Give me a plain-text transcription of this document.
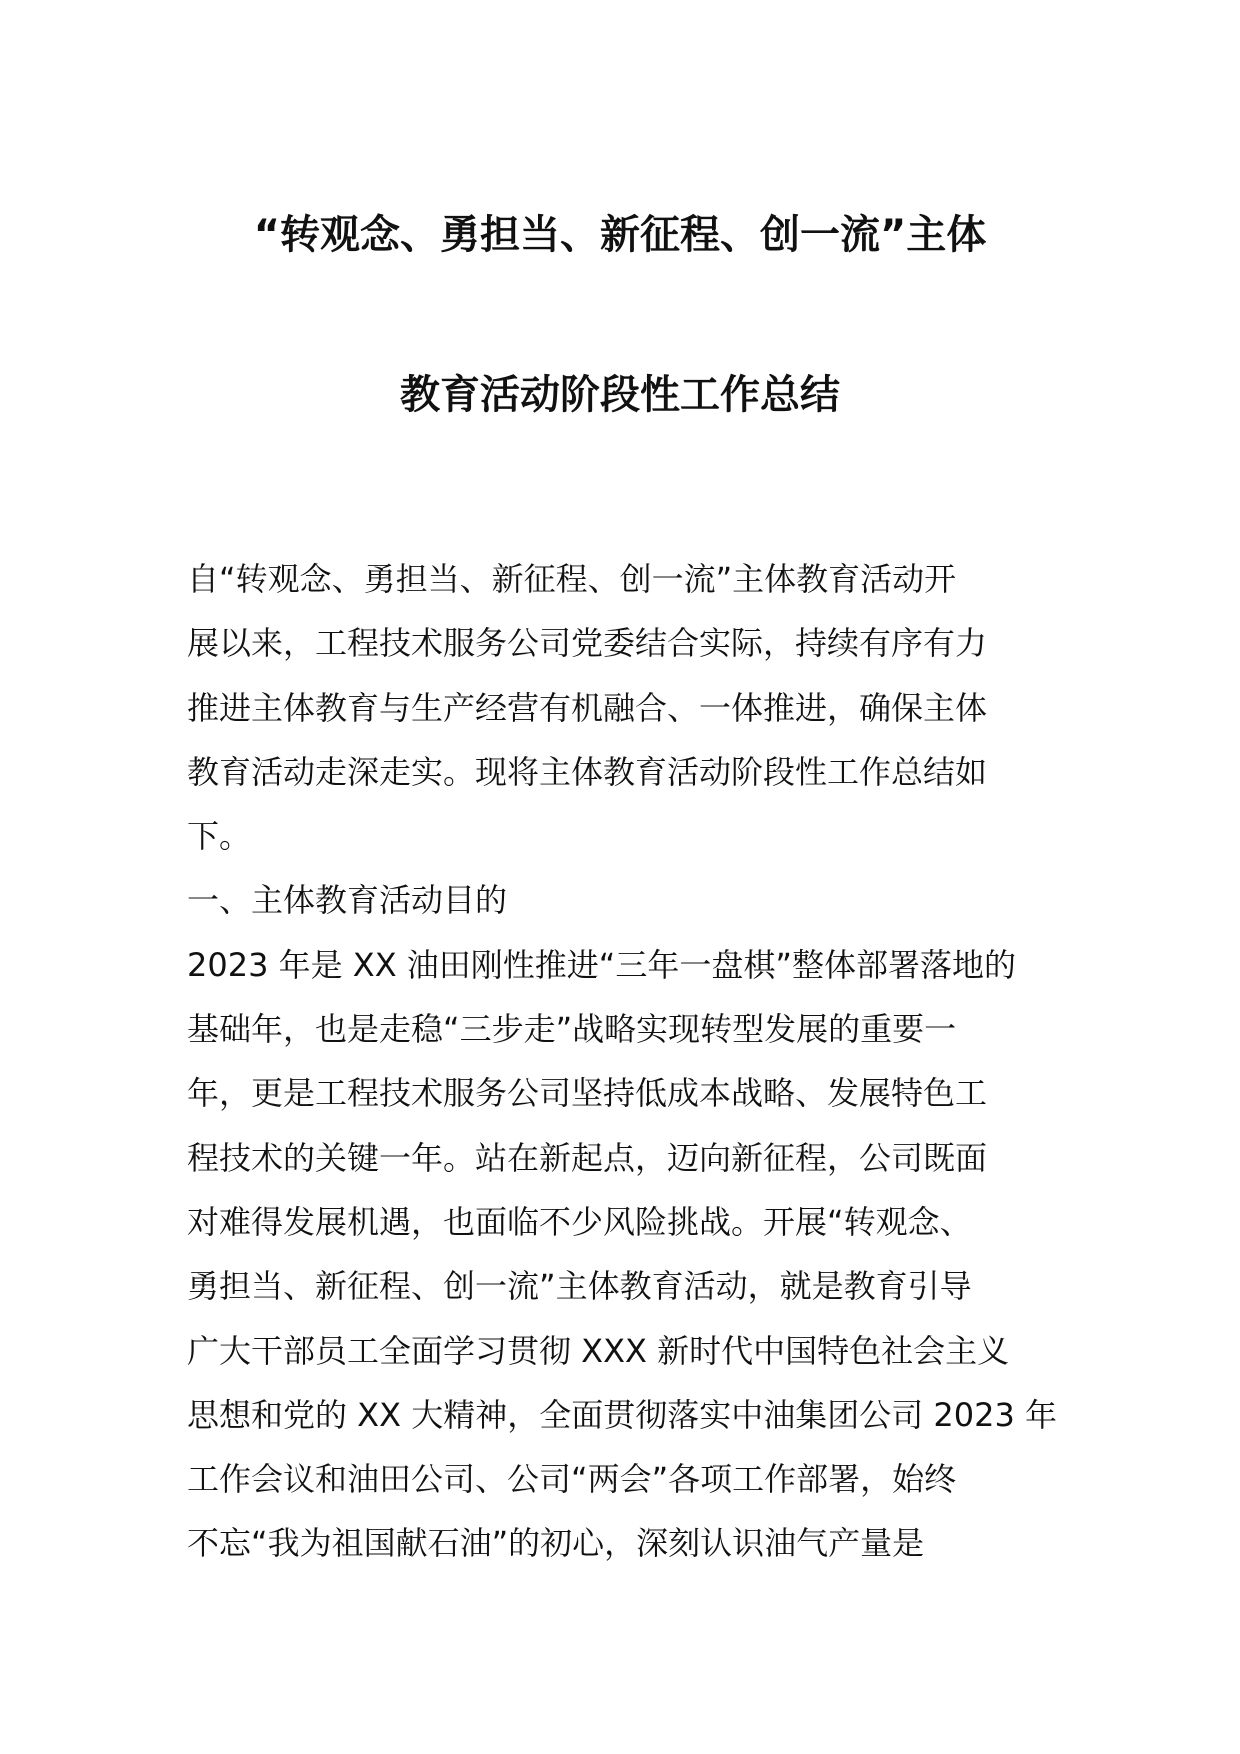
“转观念、勇担当、新征程、创一流”主体
教育活动阶段性工作总结
自“转观念、勇担当、新征程、创一流”主体教育活动开
展以来，工程技术服务公司党委结合实际，持续有序有力
推进主体教育与生产经营有机融合、一体推进，确保主体
教育活动走深走实。现将主体教育活动阶段性工作总结如
下。
一、主体教育活动目的
2023 年是 XX 油田刚性推进“三年一盘棋”整体部署落地的
基础年，也是走稳“三步走”战略实现转型发展的重要一
年，更是工程技术服务公司坚持低成本战略、发展特色工
程技术的关键一年。站在新起点，迈向新征程，公司既面
对难得发展机遇，也面临不少风险挑战。开展“转观念、
勇担当、新征程、创一流”主体教育活动，就是教育引导
广大干部员工全面学习贯彻 XXX 新时代中国特色社会主义
思想和党的 XX 大精神，全面贯彻落实中油集团公司 2023 年
工作会议和油田公司、公司“两会”各项工作部署，始终
不忘“我为祖国献石油”的初心，深刻认识油气产量是
